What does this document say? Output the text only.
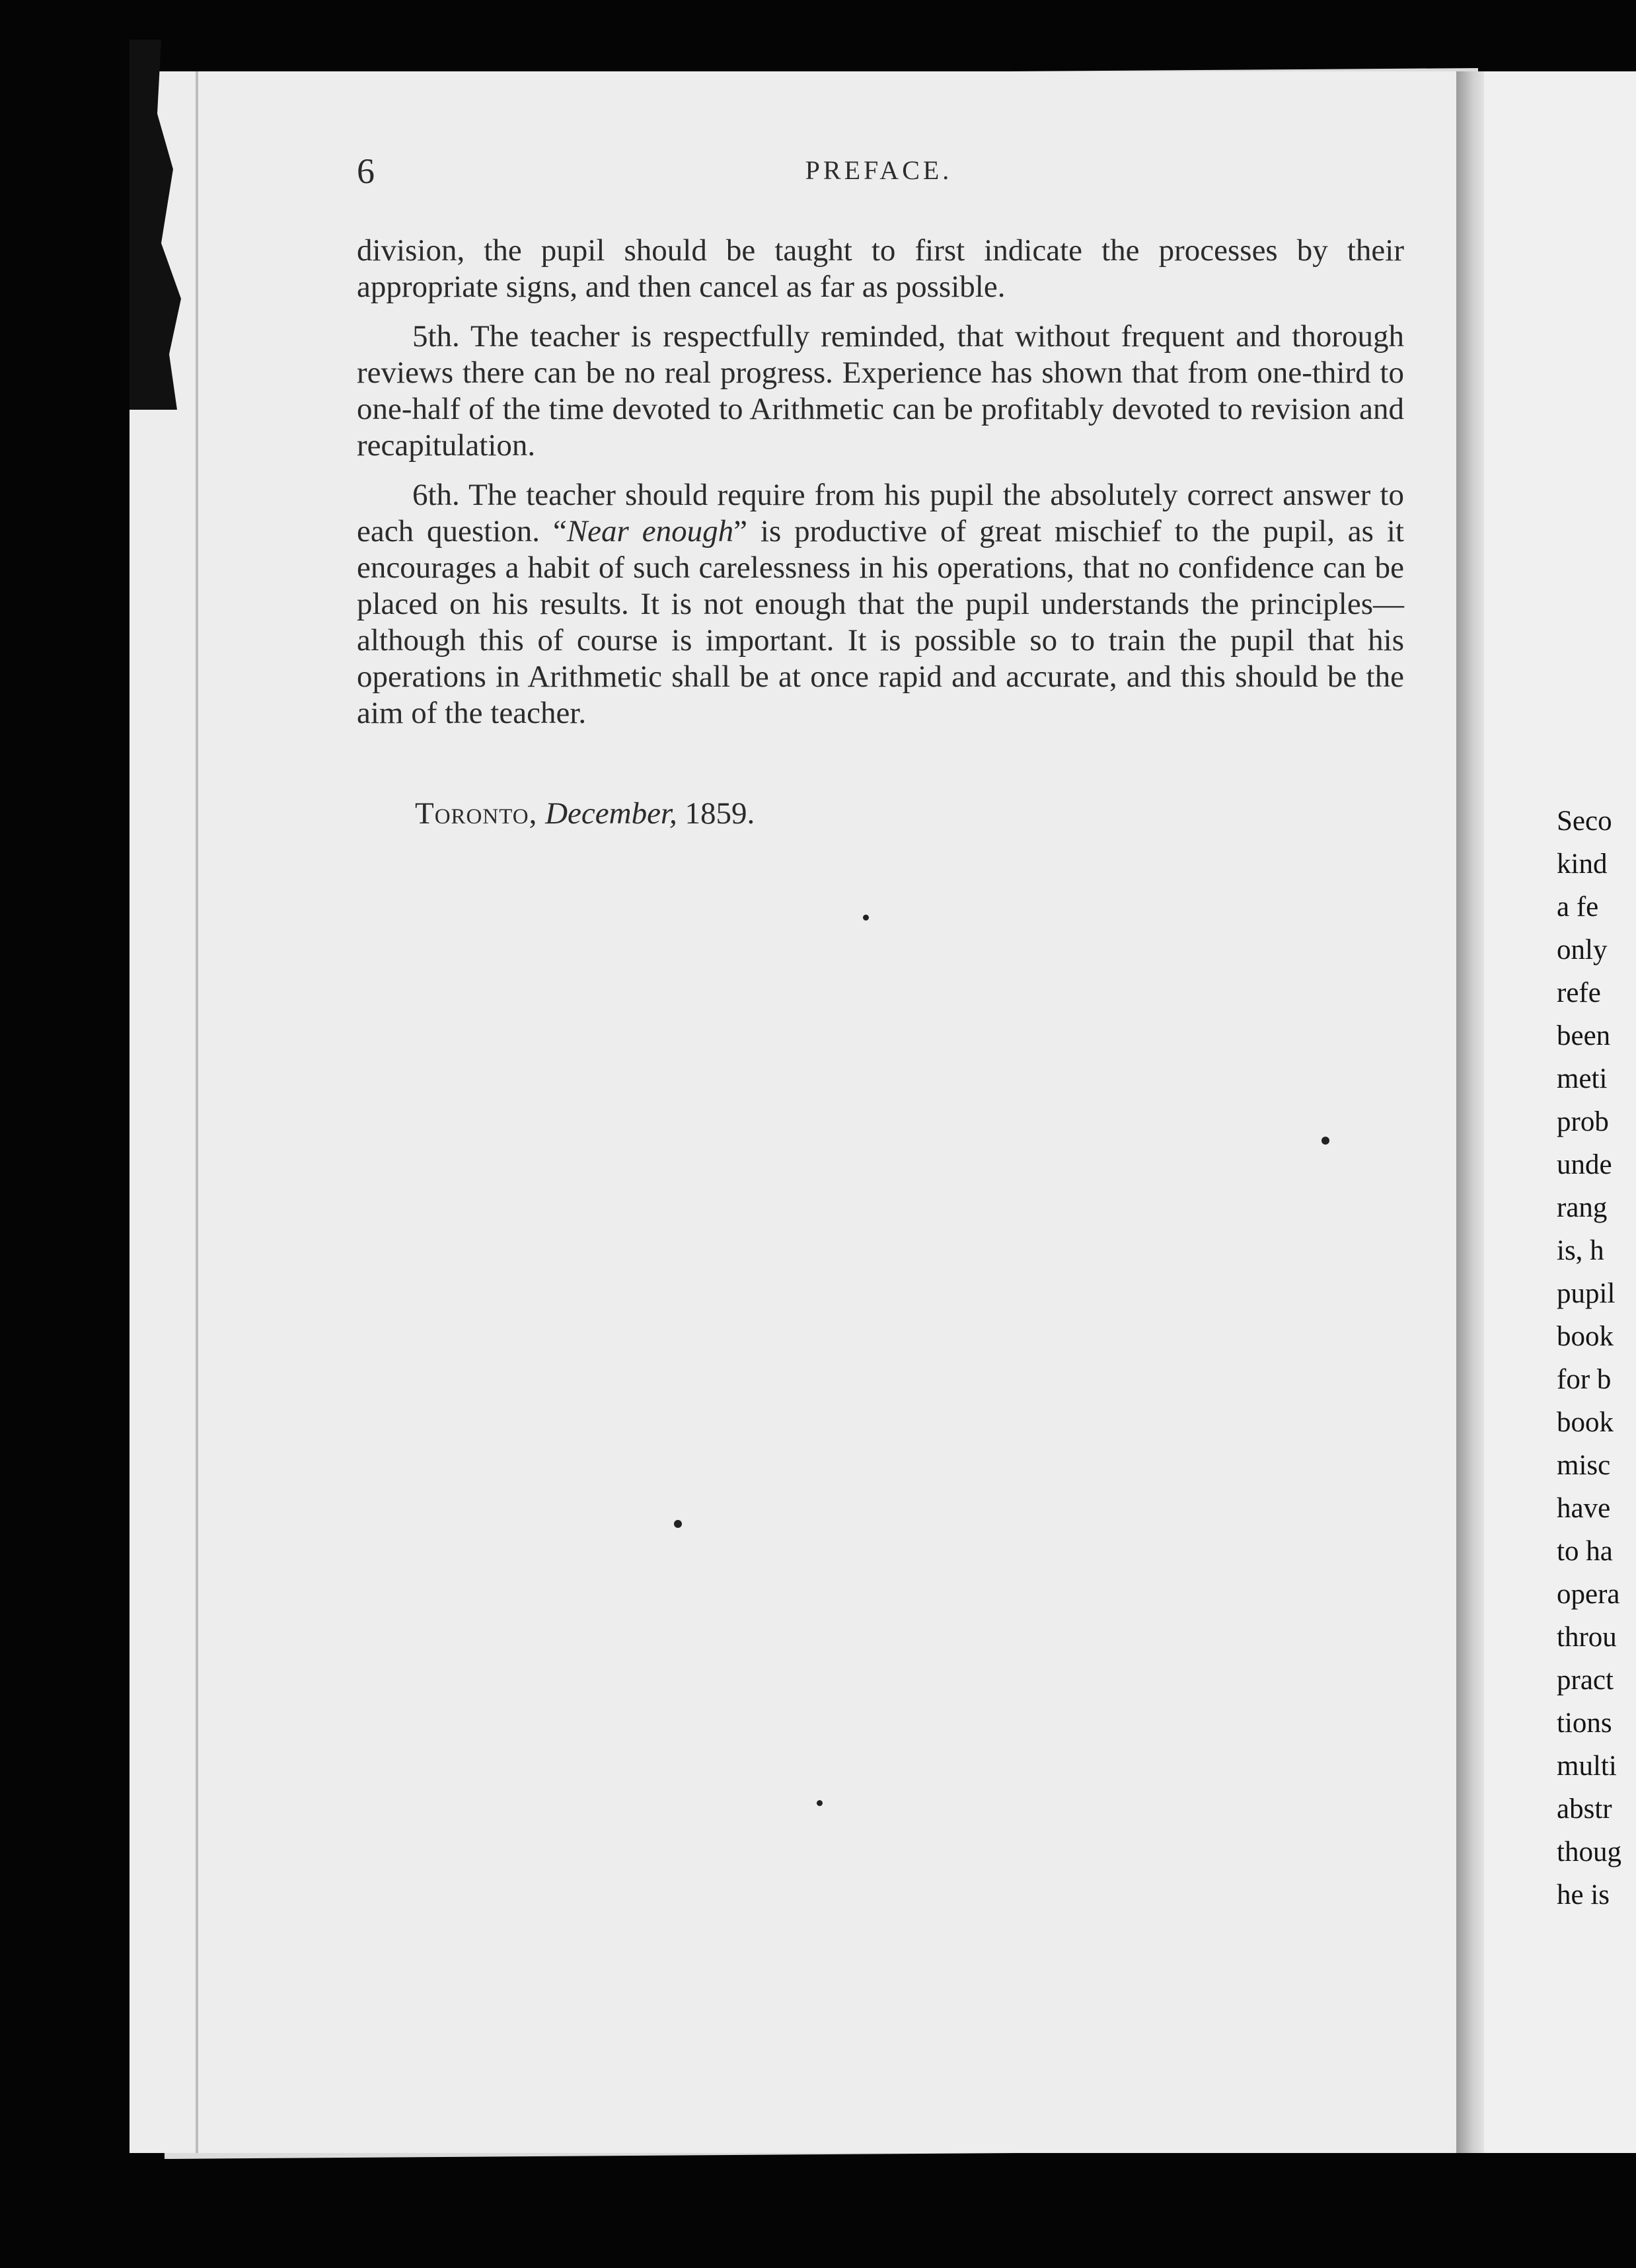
6	PREFACE.

division, the pupil should be taught to first indicate the processes by their appropriate signs, and then cancel as far as possible.

5th. The teacher is respectfully reminded, that without frequent and thorough reviews there can be no real progress. Experience has shown that from one-third to one-half of the time devoted to Arithmetic can be profitably devoted to revision and recapitulation.

6th. The teacher should require from his pupil the absolutely correct answer to each question. “Near enough” is productive of great mischief to the pupil, as it encourages a habit of such carelessness in his operations, that no confidence can be placed on his results. It is not enough that the pupil understands the principles—although this of course is important. It is possible so to train the pupil that his operations in Arithmetic shall be at once rapid and accurate, and this should be the aim of the teacher.

Toronto, December, 1859.	Seco
kind
a fe
only
refe
been
meti
prob
unde
rang
is, h
pupil
book
for b
book
misc
have
to ha
opera
throu
pract
tions
multi
abstr
thoug
he is
